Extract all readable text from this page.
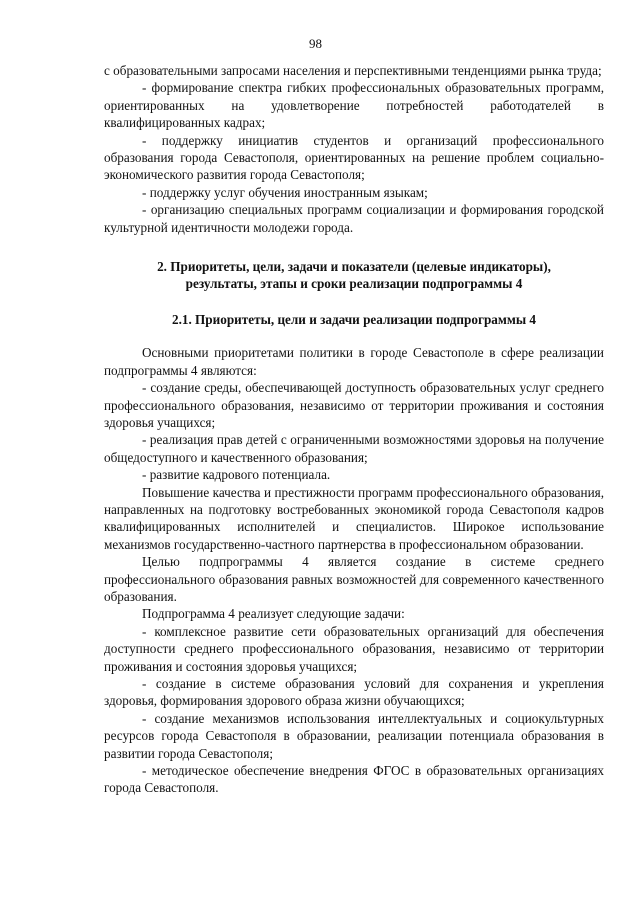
98

с образовательными запросами населения и перспективными тенденциями рынка труда;

- формирование спектра гибких профессиональных образовательных программ, ориентированных на удовлетворение потребностей работодателей в квалифицированных кадрах;

- поддержку инициатив студентов и организаций профессионального образования города Севастополя, ориентированных на решение проблем социально-экономического развития города Севастополя;

- поддержку услуг обучения иностранным языкам;

- организацию специальных программ социализации и формирования городской культурной идентичности молодежи города.

2. Приоритеты, цели, задачи и показатели (целевые индикаторы),

результаты, этапы и сроки реализации подпрограммы 4

2.1. Приоритеты, цели и задачи реализации подпрограммы 4

Основными приоритетами политики в городе Севастополе в сфере реализации подпрограммы 4 являются:

- создание среды, обеспечивающей доступность образовательных услуг среднего профессионального образования, независимо от территории проживания и состояния здоровья учащихся;

- реализация прав детей с ограниченными возможностями здоровья на получение общедоступного и качественного образования;

- развитие кадрового потенциала.

Повышение качества и престижности программ профессионального образования, направленных на подготовку востребованных экономикой города Севастополя кадров квалифицированных исполнителей и специалистов. Широкое использование механизмов государственно-частного партнерства в профессиональном образовании.

Целью подпрограммы 4 является создание в системе среднего профессионального образования равных возможностей для современного качественного образования.

Подпрограмма 4 реализует следующие задачи:

- комплексное развитие сети образовательных организаций для обеспечения доступности среднего профессионального образования, независимо от территории проживания и состояния здоровья учащихся;

- создание в системе образования условий для сохранения и укрепления здоровья, формирования здорового образа жизни обучающихся;

- создание механизмов использования интеллектуальных и социокультурных ресурсов города Севастополя в образовании, реализации потенциала образования в развитии города Севастополя;

- методическое обеспечение внедрения ФГОС в образовательных организациях города Севастополя.
